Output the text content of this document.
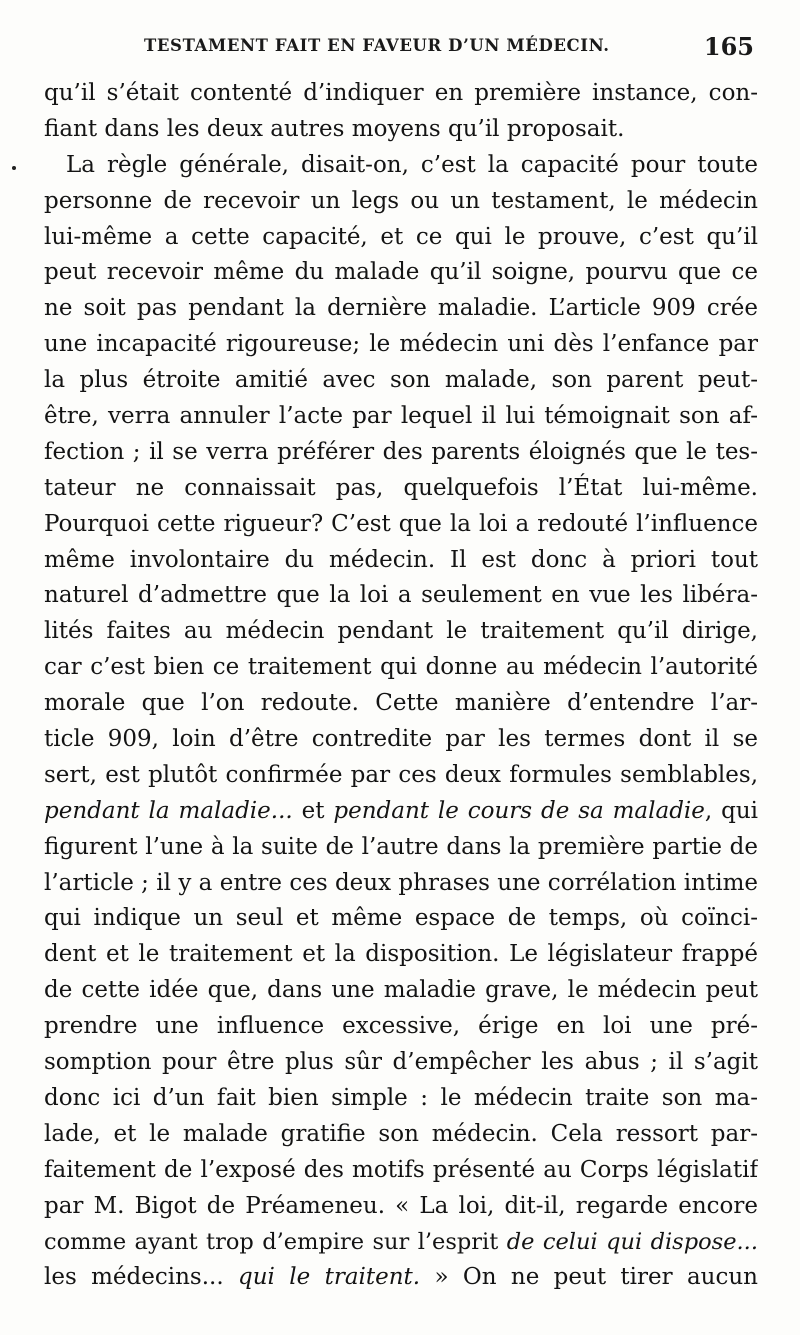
TESTAMENT FAIT EN FAVEUR D’UN MÉDECIN.	165
qu’il s’était contenté d’indiquer en première instance, con-
fiant dans les deux autres moyens qu’il proposait.
La règle générale, disait-on, c’est la capacité pour toute
personne de recevoir un legs ou un testament, le médecin
lui-même a cette capacité, et ce qui le prouve, c’est qu’il
peut recevoir même du malade qu’il soigne, pourvu que ce
ne soit pas pendant la dernière maladie. L’article 909 crée
une incapacité rigoureuse; le médecin uni dès l’enfance par
la plus étroite amitié avec son malade, son parent peut-
être, verra annuler l’acte par lequel il lui témoignait son af-
fection ; il se verra préférer des parents éloignés que le tes-
tateur ne connaissait pas, quelquefois l’État lui-même.
Pourquoi cette rigueur? C’est que la loi a redouté l’influence
même involontaire du médecin. Il est donc à priori tout
naturel d’admettre que la loi a seulement en vue les libéra-
lités faites au médecin pendant le traitement qu’il dirige,
car c’est bien ce traitement qui donne au médecin l’autorité
morale que l’on redoute. Cette manière d’entendre l’ar-
ticle 909, loin d’être contredite par les termes dont il se
sert, est plutôt confirmée par ces deux formules semblables,
pendant la maladie... et pendant le cours de sa maladie, qui
figurent l’une à la suite de l’autre dans la première partie de
l’article ; il y a entre ces deux phrases une corrélation intime
qui indique un seul et même espace de temps, où coïnci-
dent et le traitement et la disposition. Le législateur frappé
de cette idée que, dans une maladie grave, le médecin peut
prendre une influence excessive, érige en loi une pré-
somption pour être plus sûr d’empêcher les abus ; il s’agit
donc ici d’un fait bien simple : le médecin traite son ma-
lade, et le malade gratifie son médecin. Cela ressort par-
faitement de l’exposé des motifs présenté au Corps législatif
par M. Bigot de Préameneu. « La loi, dit-il, regarde encore
comme ayant trop d’empire sur l’esprit de celui qui dispose...
les médecins... qui le traitent. » On ne peut tirer aucun
